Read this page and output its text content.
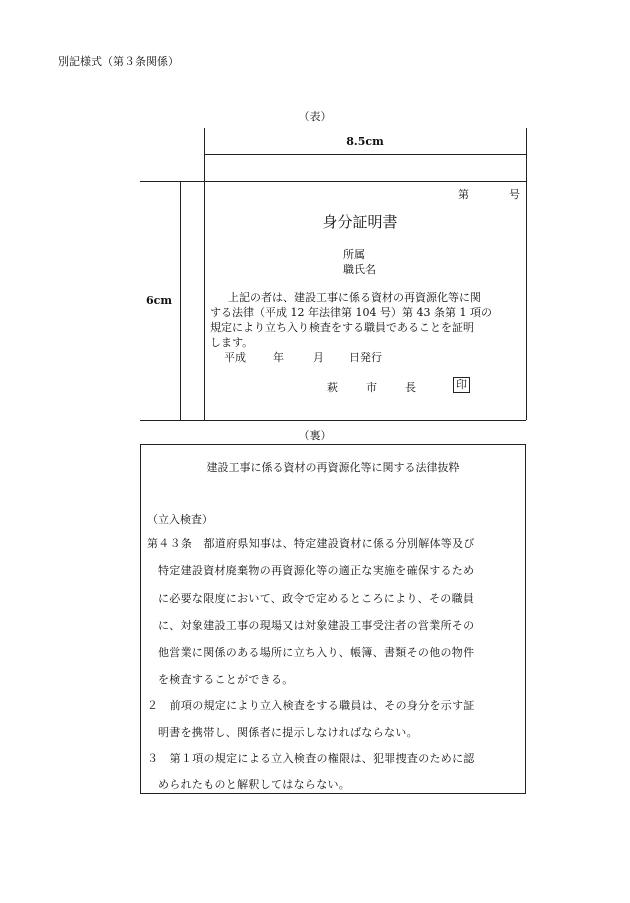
別記様式（第３条関係）
（表）
8.5cm
6cm
第	号
身分証明書
所属
職氏名
上記の者は、建設工事に係る資材の再資源化等に関
する法律（平成 12 年法律第 104 号）第 43 条第 1 項の
規定により立ち入り検査をする職員であることを証明
します。
平成 年	月 日発行
萩	市	長	印
（裏）
建設工事に係る資材の再資源化等に関する法律抜粋
（立入検査）
第４３条　都道府県知事は、特定建設資材に係る分別解体等及び
特定建設資材廃棄物の再資源化等の適正な実施を確保するため
に必要な限度において、政令で定めるところにより、その職員
に、対象建設工事の現場又は対象建設工事受注者の営業所その
他営業に関係のある場所に立ち入り、帳簿、書類その他の物件
を検査することができる。
２　前項の規定により立入検査をする職員は、その身分を示す証
明書を携帯し、関係者に提示しなければならない。
３　第１項の規定による立入検査の権限は、犯罪捜査のために認
められたものと解釈してはならない。
